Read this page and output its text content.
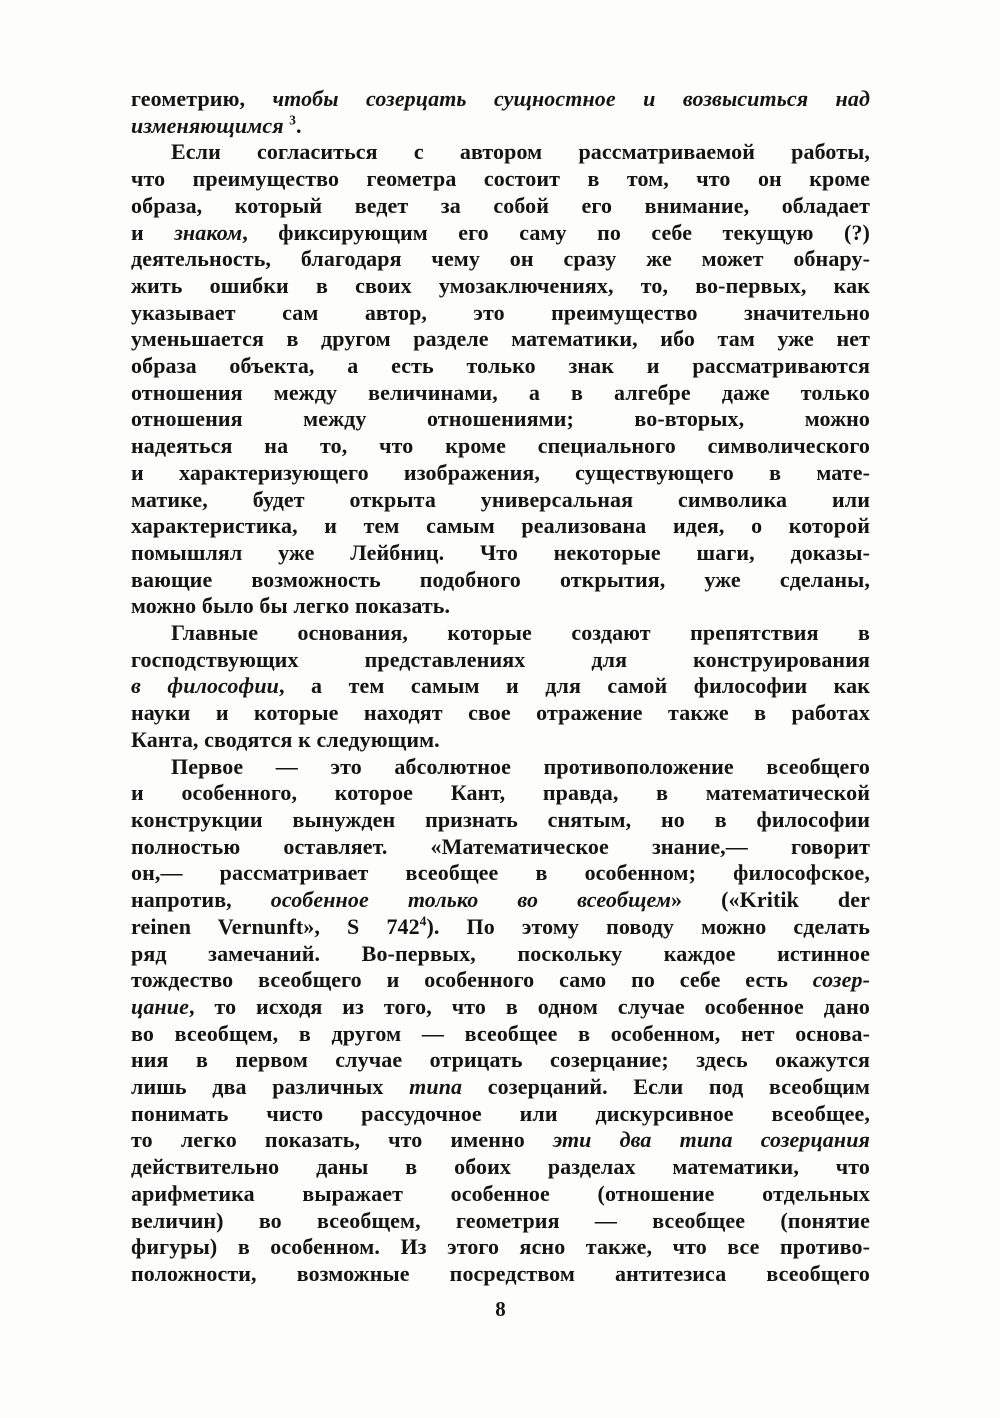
геометрию, чтобы созерцать сущностное и возвыситься над
изменяющимся $^3$.
Если согласиться с автором рассматриваемой работы,
что преимущество геометра состоит в том, что он кроме
образа, который ведет за собой его внимание, обладает
и знаком, фиксирующим его саму по себе текущую (?)
деятельность, благодаря чему он сразу же может обнару-
жить ошибки в своих умозаключениях, то, во-первых, как
указывает сам автор, это преимущество значительно
уменьшается в другом разделе математики, ибо там уже нет
образа объекта, а есть только знак и рассматриваются
отношения между величинами, а в алгебре даже только
отношения между отношениями; во-вторых, можно
надеяться на то, что кроме специального символического
и характеризующего изображения, существующего в мате-
матике, будет открыта универсальная символика или
характеристика, и тем самым реализована идея, о которой
помышлял уже Лейбниц. Что некоторые шаги, доказы-
вающие возможность подобного открытия, уже сделаны,
можно было бы легко показать.
Главные основания, которые создают препятствия в
господствующих представлениях для конструирования
в философии, а тем самым и для самой философии как
науки и которые находят свое отражение также в работах
Канта, сводятся к следующим.
Первое — это абсолютное противоположение всеобщего
и особенного, которое Кант, правда, в математической
конструкции вынужден признать снятым, но в философии
полностью оставляет. «Математическое знание,— говорит
он,— рассматривает всеобщее в особенном; философское,
напротив, особенное только во всеобщем» («Kritik der
reinen Vernunft», S $742^4$). По этому поводу можно сделать
ряд замечаний. Во-первых, поскольку каждое истинное
тождество всеобщего и особенного само по себе есть созер-
цание, то исходя из того, что в одном случае особенное дано
во всеобщем, в другом — всеобщее в особенном, нет основа-
ния в первом случае отрицать созерцание; здесь окажутся
лишь два различных типа созерцаний. Если под всеобщим
понимать чисто рассудочное или дискурсивное всеобщее,
то легко показать, что именно эти два типа созерцания
действительно даны в обоих разделах математики, что
арифметика выражает особенное (отношение отдельных
величин) во всеобщем, геометрия — всеобщее (понятие
фигуры) в особенном. Из этого ясно также, что все противо-
положности, возможные посредством антитезиса всеобщего
8
